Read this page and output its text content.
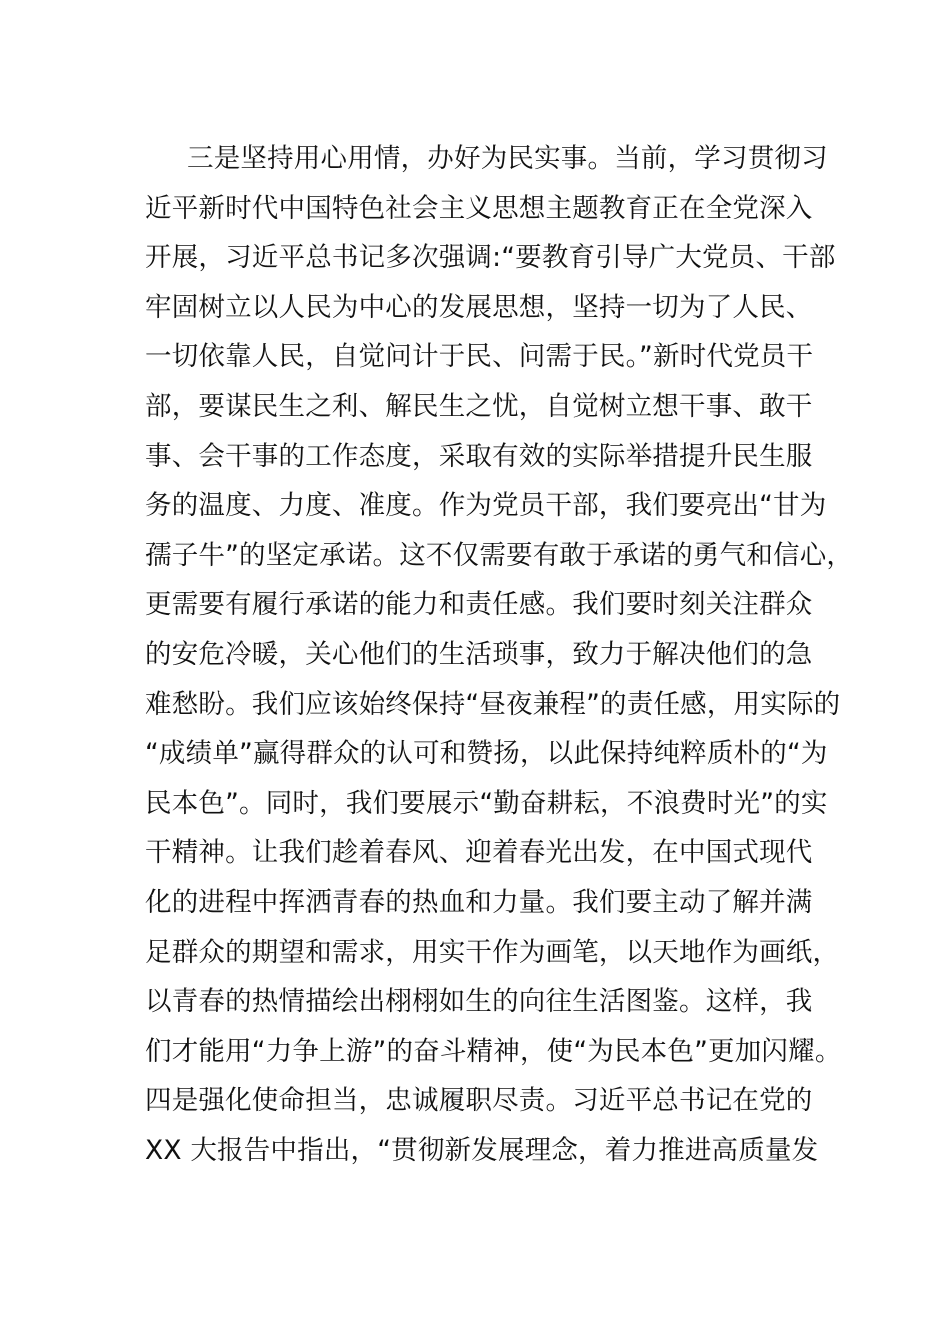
三是坚持用心用情，办好为民实事。当前，学习贯彻习
近平新时代中国特色社会主义思想主题教育正在全党深入
开展，习近平总书记多次强调:“要教育引导广大党员、干部
牢固树立以人民为中心的发展思想，坚持一切为了人民、
一切依靠人民，自觉问计于民、问需于民。”新时代党员干
部，要谋民生之利、解民生之忧，自觉树立想干事、敢干
事、会干事的工作态度，采取有效的实际举措提升民生服
务的温度、力度、准度。作为党员干部，我们要亮出“甘为
孺子牛”的坚定承诺。这不仅需要有敢于承诺的勇气和信心，
更需要有履行承诺的能力和责任感。我们要时刻关注群众
的安危冷暖，关心他们的生活琐事，致力于解决他们的急
难愁盼。我们应该始终保持“昼夜兼程”的责任感，用实际的
“成绩单”赢得群众的认可和赞扬，以此保持纯粹质朴的“为
民本色”。同时，我们要展示“勤奋耕耘，不浪费时光”的实
干精神。让我们趁着春风、迎着春光出发，在中国式现代
化的进程中挥洒青春的热血和力量。我们要主动了解并满
足群众的期望和需求，用实干作为画笔，以天地作为画纸，
以青春的热情描绘出栩栩如生的向往生活图鉴。这样，我
们才能用“力争上游”的奋斗精神，使“为民本色”更加闪耀。
四是强化使命担当，忠诚履职尽责。习近平总书记在党的
XX 大报告中指出，“贯彻新发展理念，着力推进高质量发
